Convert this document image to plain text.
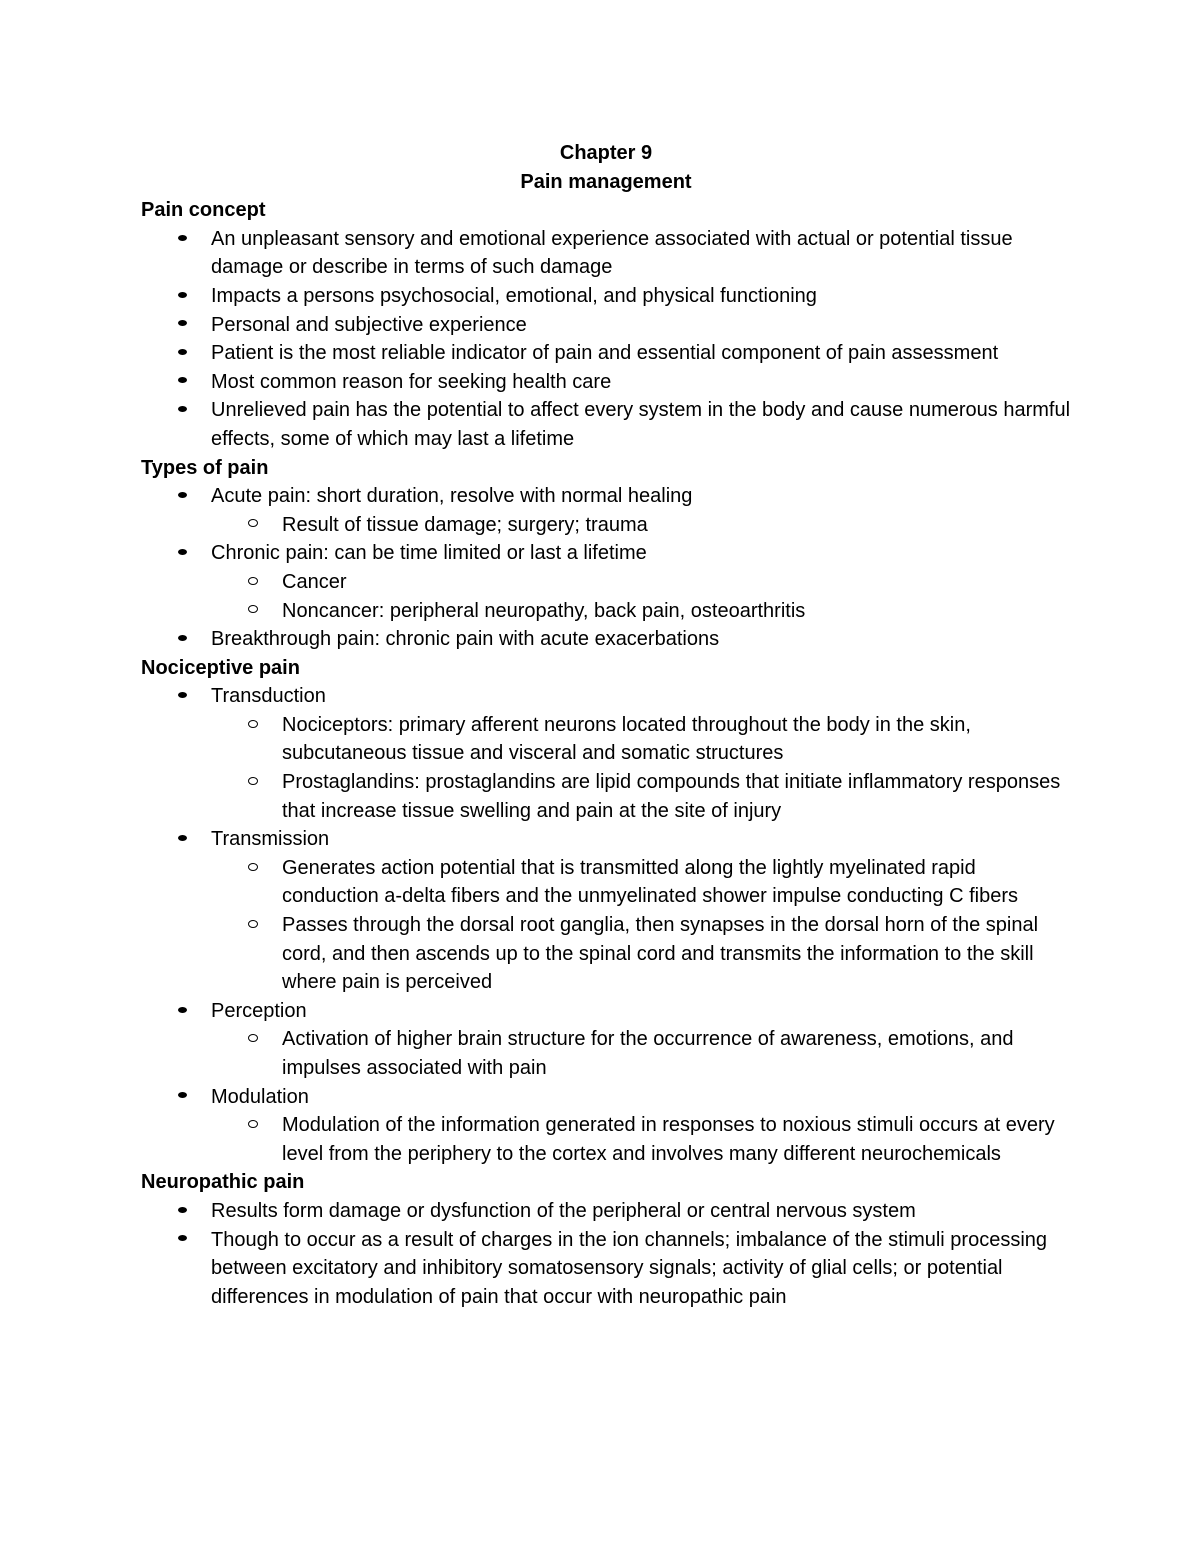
Chapter 9

Pain management

Pain concept

An unpleasant sensory and emotional experience associated with actual or potential tissue damage or describe in terms of such damage
Impacts a persons psychosocial, emotional, and physical functioning
Personal and subjective experience
Patient is the most reliable indicator of pain and essential component of pain assessment
Most common reason for seeking health care
Unrelieved pain has the potential to affect every system in the body and cause numerous harmful effects, some of which may last a lifetime

Types of pain

Acute pain: short duration, resolve with normal healing
Result of tissue damage; surgery; trauma
Chronic pain: can be time limited or last a lifetime
Cancer
Noncancer: peripheral neuropathy, back pain, osteoarthritis
Breakthrough pain: chronic pain with acute exacerbations

Nociceptive pain

Transduction
Nociceptors: primary afferent neurons located throughout the body in the skin, subcutaneous tissue and visceral and somatic structures
Prostaglandins: prostaglandins are lipid compounds that initiate inflammatory responses that increase tissue swelling and pain at the site of injury
Transmission
Generates action potential that is transmitted along the lightly myelinated rapid conduction a-delta fibers and the unmyelinated shower impulse conducting C fibers
Passes through the dorsal root ganglia, then synapses in the dorsal horn of the spinal cord, and then ascends up to the spinal cord and transmits the information to the skill where pain is perceived
Perception
Activation of higher brain structure for the occurrence of awareness, emotions, and impulses associated with pain
Modulation
Modulation of the information generated in responses to noxious stimuli occurs at every level from the periphery to the cortex and involves many different neurochemicals

Neuropathic pain

Results form damage or dysfunction of the peripheral or central nervous system
Though to occur as a result of charges in the ion channels; imbalance of the stimuli processing between excitatory and inhibitory somatosensory signals; activity of glial cells; or potential differences in modulation of pain that occur with neuropathic pain
